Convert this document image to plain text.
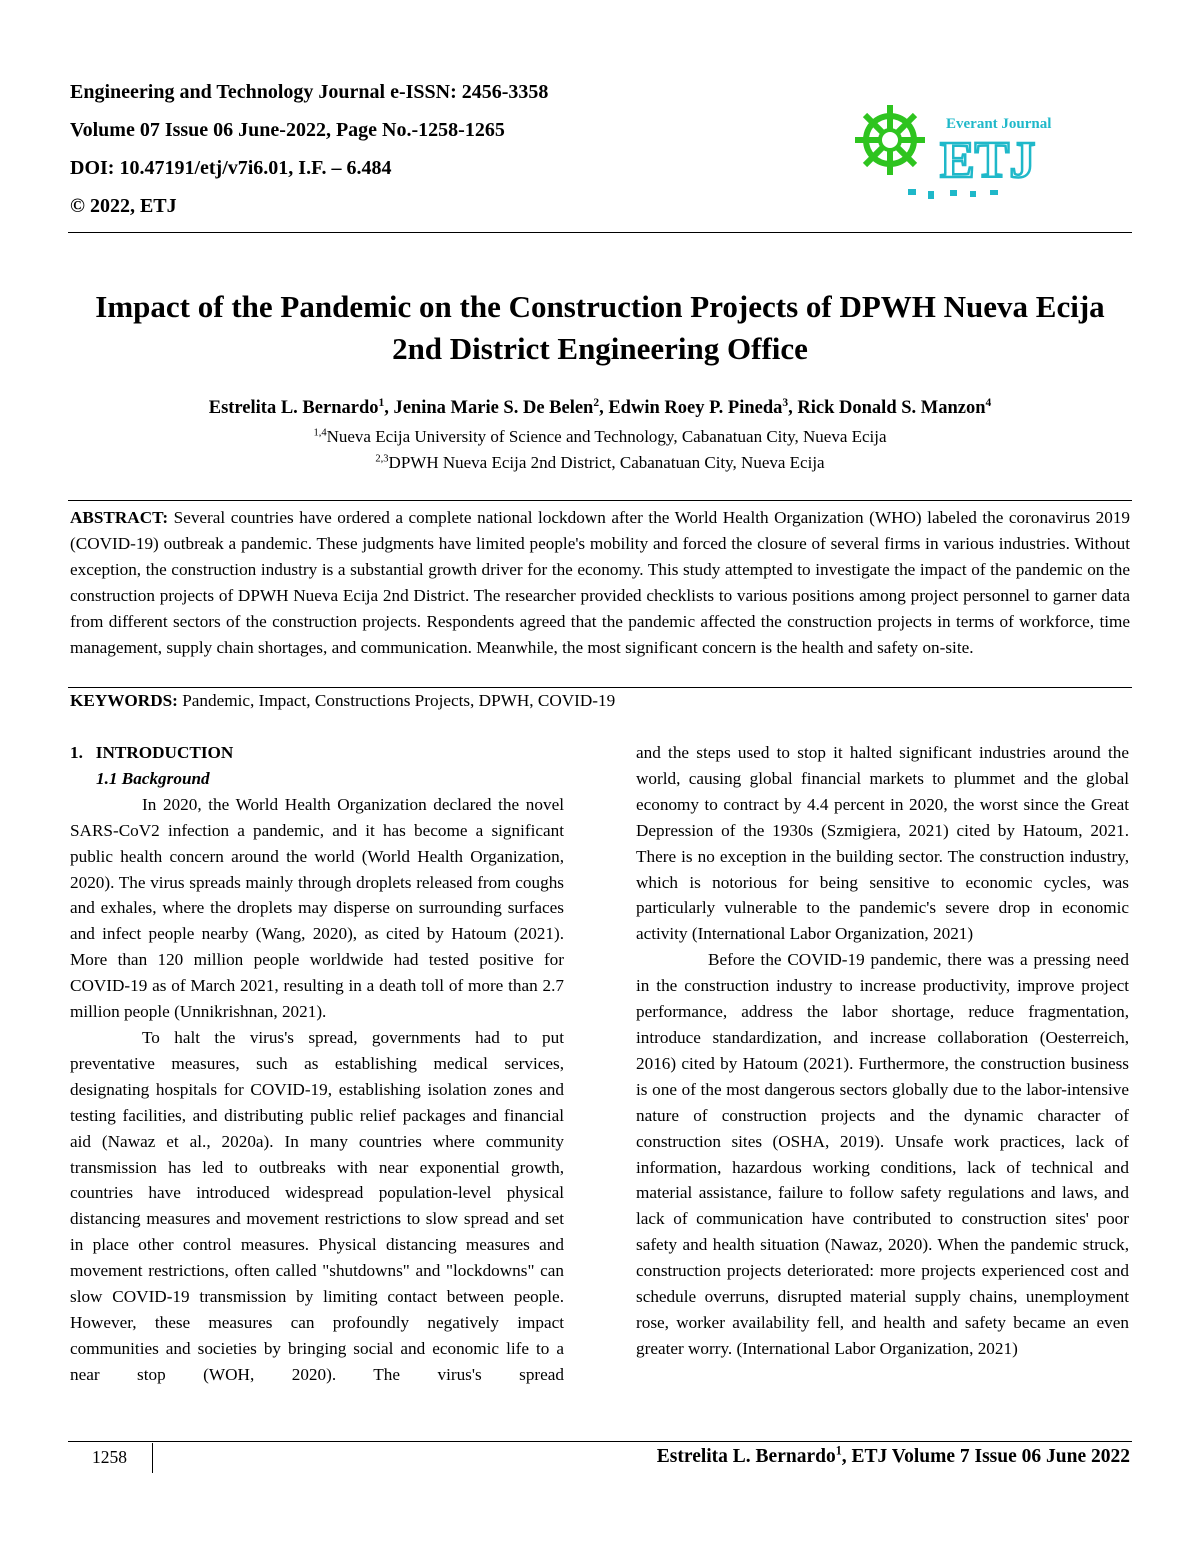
Engineering and Technology Journal e-ISSN: 2456-3358
Volume 07 Issue 06 June-2022, Page No.-1258-1265
DOI: 10.47191/etj/v7i6.01, I.F. – 6.484
© 2022, ETJ
Everant Journal
ETJ
Impact of the Pandemic on the Construction Projects of DPWH Nueva Ecija
2nd District Engineering Office
Estrelita L. Bernardo$^1$, Jenina Marie S. De Belen$^2$, Edwin Roey P. Pineda$^3$, Rick Donald S. Manzon$^4$
$^{1,4}$Nueva Ecija University of Science and Technology, Cabanatuan City, Nueva Ecija
$^{2,3}$DPWH Nueva Ecija 2nd District, Cabanatuan City, Nueva Ecija
ABSTRACT: Several countries have ordered a complete national lockdown after the World Health Organization (WHO) labeled the coronavirus 2019 (COVID-19) outbreak a pandemic. These judgments have limited people's mobility and forced the closure of several firms in various industries. Without exception, the construction industry is a substantial growth driver for the economy. This study attempted to investigate the impact of the pandemic on the construction projects of DPWH Nueva Ecija 2nd District. The researcher provided checklists to various positions among project personnel to garner data from different sectors of the construction projects. Respondents agreed that the pandemic affected the construction projects in terms of workforce, time management, supply chain shortages, and communication. Meanwhile, the most significant concern is the health and safety on-site.
KEYWORDS: Pandemic, Impact, Constructions Projects, DPWH, COVID-19

1.   INTRODUCTION

1.1 Background

In 2020, the World Health Organization declared the novel SARS-CoV2 infection a pandemic, and it has become a significant public health concern around the world (World Health Organization, 2020). The virus spreads mainly through droplets released from coughs and exhales, where the droplets may disperse on surrounding surfaces and infect people nearby (Wang, 2020), as cited by Hatoum (2021). More than 120 million people worldwide had tested positive for COVID-19 as of March 2021, resulting in a death toll of more than 2.7 million people (Unnikrishnan, 2021).

To halt the virus's spread, governments had to put preventative measures, such as establishing medical services, designating hospitals for COVID-19, establishing isolation zones and testing facilities, and distributing public relief packages and financial aid (Nawaz et al., 2020a). In many countries where community transmission has led to outbreaks with near exponential growth, countries have introduced widespread population-level physical distancing measures and movement restrictions to slow spread and set in place other control measures. Physical distancing measures and movement restrictions, often called "shutdowns" and "lockdowns" can slow COVID-19 transmission by limiting contact between people. However, these measures can profoundly negatively impact communities and societies by bringing social and economic life to a near stop (WOH, 2020). The virus's spread

and the steps used to stop it halted significant industries around the world, causing global financial markets to plummet and the global economy to contract by 4.4 percent in 2020, the worst since the Great Depression of the 1930s (Szmigiera, 2021) cited by Hatoum, 2021. There is no exception in the building sector. The construction industry, which is notorious for being sensitive to economic cycles, was particularly vulnerable to the pandemic's severe drop in economic activity (International Labor Organization, 2021)

Before the COVID-19 pandemic, there was a pressing need in the construction industry to increase productivity, improve project performance, address the labor shortage, reduce fragmentation, introduce standardization, and increase collaboration (Oesterreich, 2016) cited by Hatoum (2021). Furthermore, the construction business is one of the most dangerous sectors globally due to the labor-intensive nature of construction projects and the dynamic character of construction sites (OSHA, 2019). Unsafe work practices, lack of information, hazardous working conditions, lack of technical and material assistance, failure to follow safety regulations and laws, and lack of communication have contributed to construction sites' poor safety and health situation (Nawaz, 2020). When the pandemic struck, construction projects deteriorated: more projects experienced cost and schedule overruns, disrupted material supply chains, unemployment rose, worker availability fell, and health and safety became an even greater worry. (International Labor Organization, 2021)

1258	Estrelita L. Bernardo$^1$, ETJ Volume 7 Issue 06 June 2022
